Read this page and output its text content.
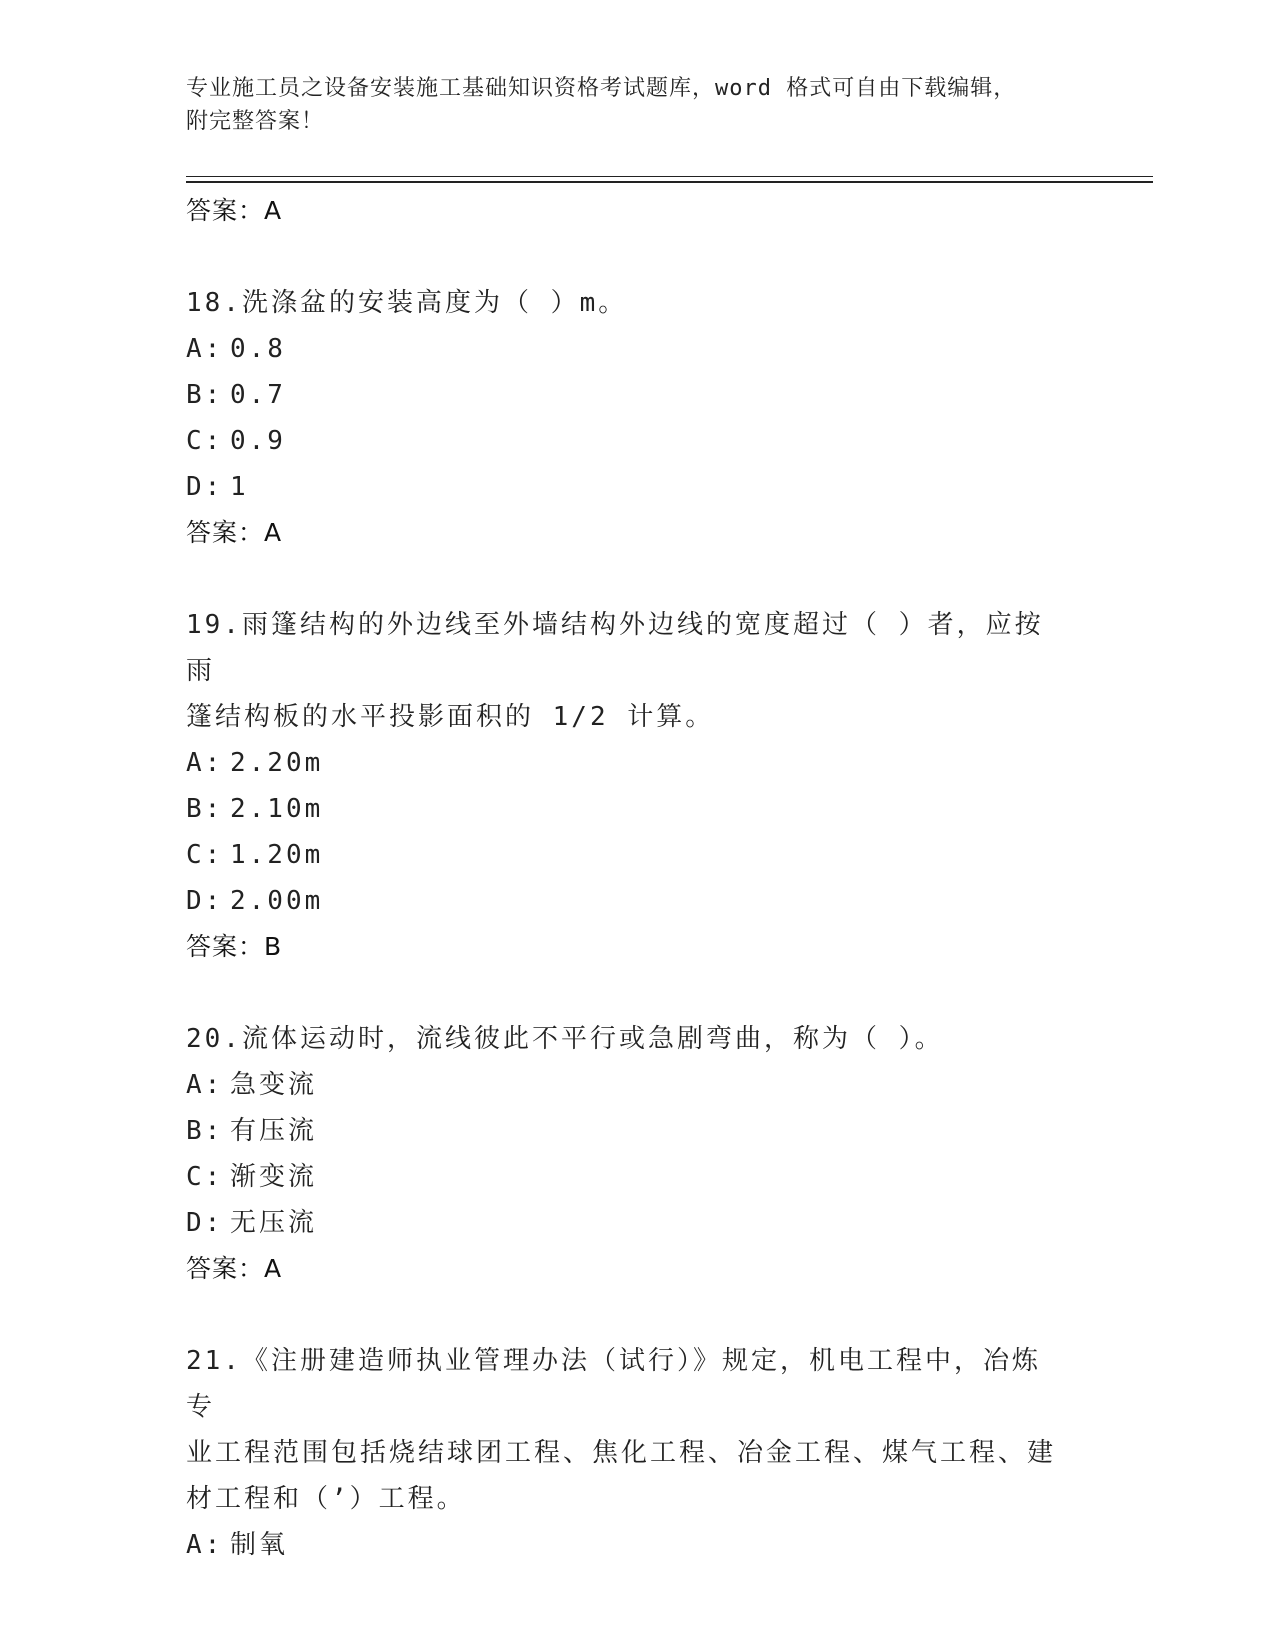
专业施工员之设备安装施工基础知识资格考试题库，word 格式可自由下载编辑，
附完整答案！
答案：A
18.洗涤盆的安装高度为（ ）m。
A: 0.8
B: 0.7
C: 0.9
D: 1
答案：A
19.雨篷结构的外边线至外墙结构外边线的宽度超过（ ）者，应按雨
篷结构板的水平投影面积的 1/2 计算。
A: 2.20m
B: 2.10m
C: 1.20m
D: 2.00m
答案：B
20.流体运动时，流线彼此不平行或急剧弯曲，称为（ ）。
A: 急变流
B: 有压流
C: 渐变流
D: 无压流
答案：A
21.《注册建造师执业管理办法（试行）》规定，机电工程中，冶炼专
业工程范围包括烧结球团工程、焦化工程、冶金工程、煤气工程、建
材工程和（’）工程。
A: 制氧
